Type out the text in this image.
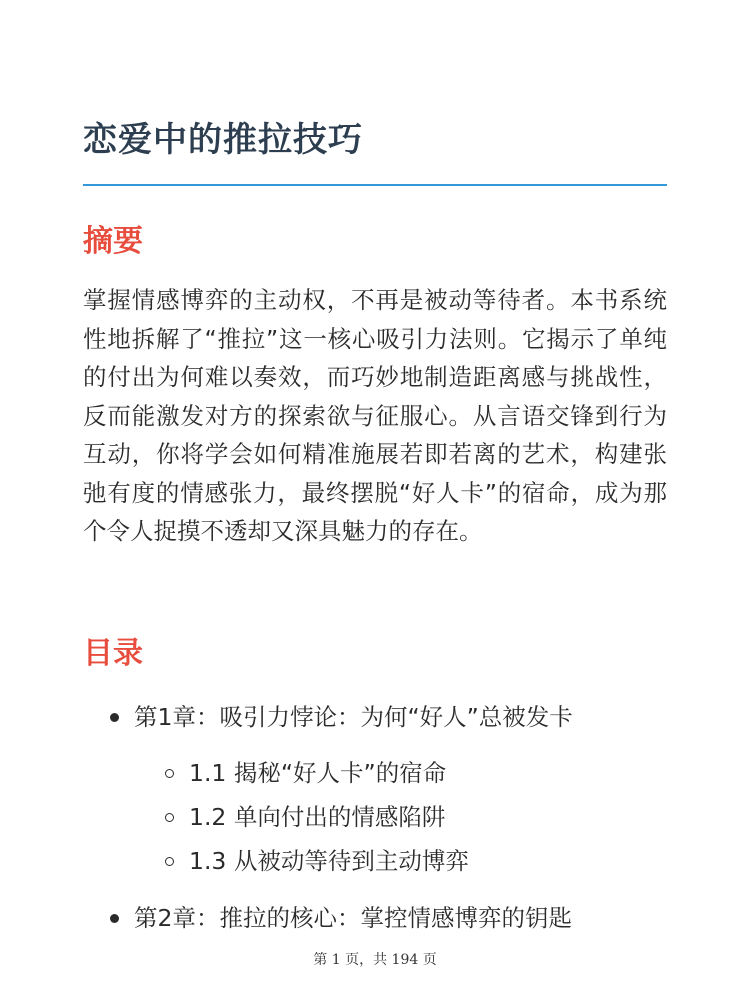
恋爱中的推拉技巧
摘要

掌握情感博弈的主动权，不再是被动等待者。本书系统性地拆解了“推拉”这一核心吸引力法则。它揭示了单纯的付出为何难以奏效，而巧妙地制造距离感与挑战性，反而能激发对方的探索欲与征服心。从言语交锋到行为互动，你将学会如何精准施展若即若离的艺术，构建张弛有度的情感张力，最终摆脱“好人卡”的宿命，成为那个令人捉摸不透却又深具魅力的存在。

目录
第1章：吸引力悖论：为何“好人”总被发卡
1.1 揭秘“好人卡”的宿命
1.2 单向付出的情感陷阱
1.3 从被动等待到主动博弈
第2章：推拉的核心：掌控情感博弈的钥匙
第 1 页，共 194 页
